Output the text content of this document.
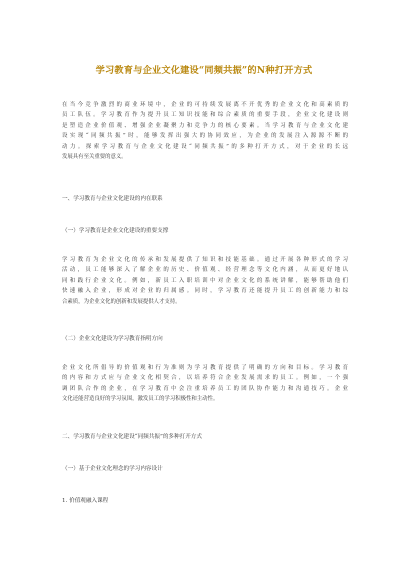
学习教育与企业文化建设“同频共振”的N种打开方式
在当今竞争激烈的商业环境中，企业的可持续发展离不开优秀的企业文化和高素质的
员工队伍。学习教育作为提升员工知识技能和综合素质的重要手段，企业文化建设则
是塑造企业价值观、增强企业凝聚力和竞争力的核心要素。当学习教育与企业文化建
设实现“同频共振”时，能够发挥出强大的协同效应，为企业的发展注入源源不断的
动力。探索学习教育与企业文化建设“同频共振”的多种打开方式，对于企业的长远
发展具有至关重要的意义。
一、学习教育与企业文化建设的内在联系
（一）学习教育是企业文化建设的重要支撑
学习教育为企业文化的传承和发展提供了知识和技能基础。通过开展各种形式的学习
活动，员工能够深入了解企业的历史、价值观、经营理念等文化内涵，从而更好地认
同和践行企业文化。例如，新员工入职培训中对企业文化的系统讲解，能够帮助他们
快速融入企业，形成对企业的归属感。同时，学习教育还能提升员工的创新能力和综
合素质，为企业文化的创新和发展提供人才支持。
（二）企业文化建设为学习教育指明方向
企业文化所倡导的价值观和行为准则为学习教育提供了明确的方向和目标。学习教育
的内容和方式应与企业文化相契合，以培养符合企业发展需求的员工。例如，一个强
调团队合作的企业，在学习教育中会注重培养员工的团队协作能力和沟通技巧。企业
文化还能营造良好的学习氛围，激发员工的学习积极性和主动性。
二、学习教育与企业文化建设“同频共振”的多种打开方式
（一）基于企业文化理念的学习内容设计
1. 价值观融入课程
